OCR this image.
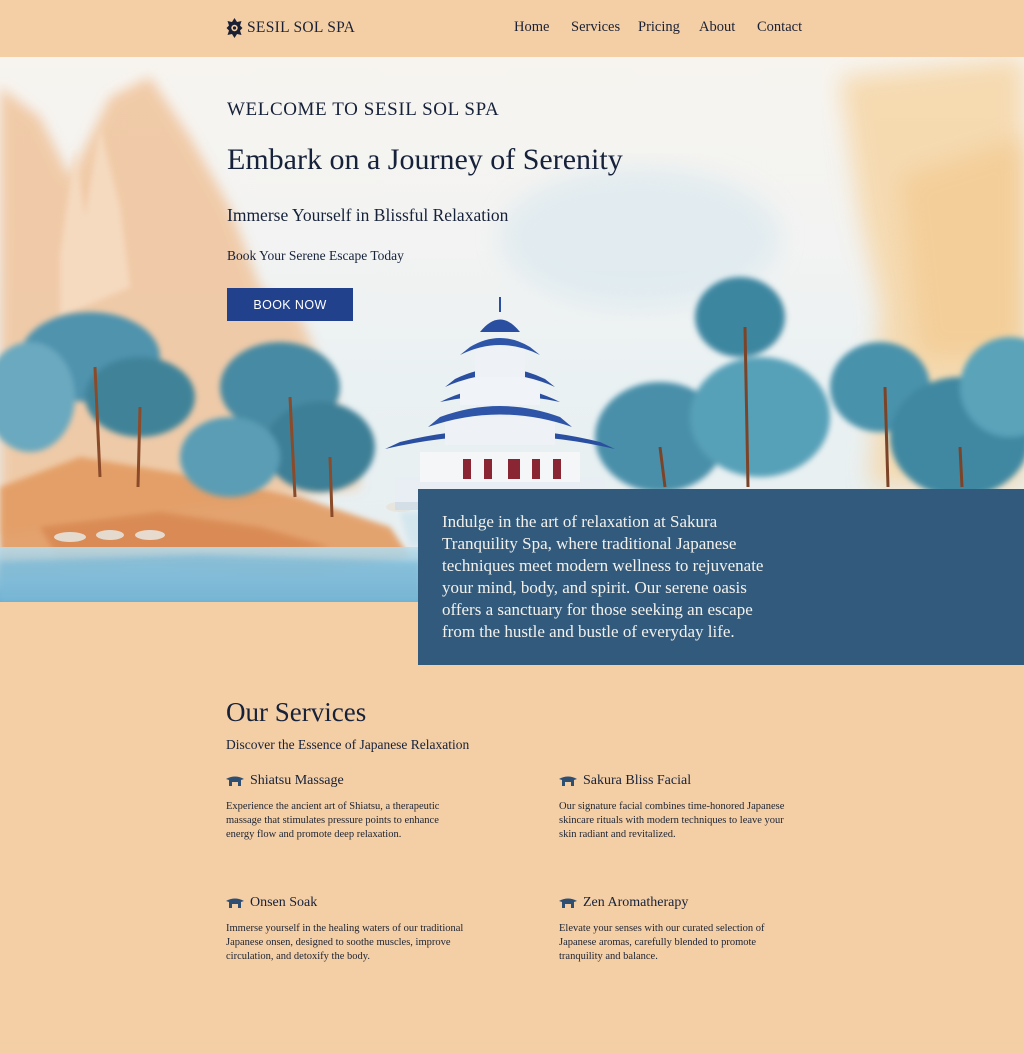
SESIL SOL SPA	Home Services Pricing About Contact
WELCOME TO SESIL SOL SPA
Embark on a Journey of Serenity
Immerse Yourself in Blissful Relaxation
Book Your Serene Escape Today
BOOK NOW

Indulge in the art of relaxation at Sakura Tranquility Spa, where traditional Japanese techniques meet modern wellness to rejuvenate your mind, body, and spirit. Our serene oasis offers a sanctuary for those seeking an escape from the hustle and bustle of everyday life.

Our Services
Discover the Essence of Japanese Relaxation
Shiatsu Massage

Experience the ancient art of Shiatsu, a therapeutic massage that stimulates pressure points to enhance energy flow and promote deep relaxation.

Sakura Bliss Facial

Our signature facial combines time-honored Japanese skincare rituals with modern techniques to leave your skin radiant and revitalized.

Onsen Soak

Immerse yourself in the healing waters of our traditional Japanese onsen, designed to soothe muscles, improve circulation, and detoxify the body.

Zen Aromatherapy

Elevate your senses with our curated selection of Japanese aromas, carefully blended to promote tranquility and balance.
